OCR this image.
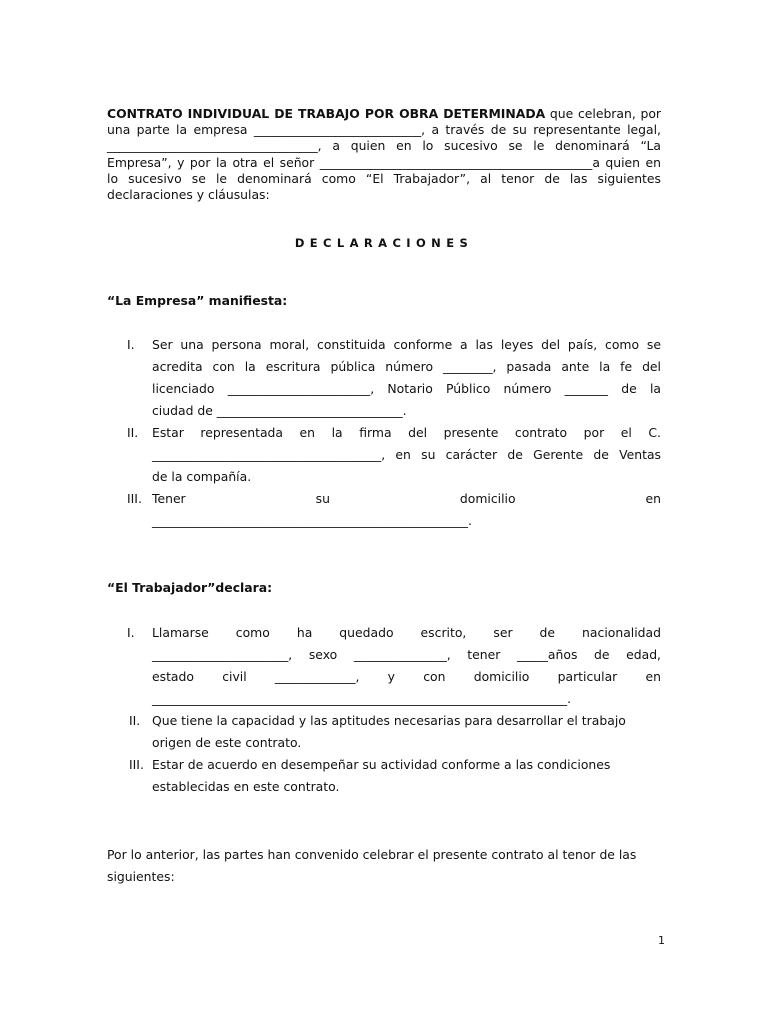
CONTRATO INDIVIDUAL DE TRABAJO POR OBRA DETERMINADA que celebran, por una parte la empresa ___________________________, a través de su representante legal, __________________________________, a quien en lo sucesivo se le denominará “La Empresa”, y por la otra el señor ____________________________________________a quien en lo sucesivo se le denominará como “El Trabajador”, al tenor de las siguientes declaraciones y cláusulas:

DECLARACIONES
“La Empresa” manifiesta:
I.	Ser una persona moral, constituida conforme a las leyes del país, como se
acredita con la escritura pública número ________, pasada ante la fe del
licenciado _______________________, Notario Público número _______ de la
ciudad de ______________________________.
II.	Estar representada en la firma del presente contrato por el C.
_____________________________________, en su carácter de Gerente de Ventas
de la compañía.
III. Tener	su	domicilio	en
___________________________________________________.
“El Trabajador”declara:
I.	Llamarse como ha quedado escrito, ser de nacionalidad
______________________, sexo _______________, tener _____años de edad,
estado civil _____________, y con domicilio particular en
___________________________________________________________________.
II. Que tiene la capacidad y las aptitudes necesarias para desarrollar el trabajo
origen de este contrato.
III. Estar de acuerdo en desempeñar su actividad conforme a las condiciones
establecidas en este contrato.

Por lo anterior, las partes han convenido celebrar el presente contrato al tenor de las siguientes:

1
